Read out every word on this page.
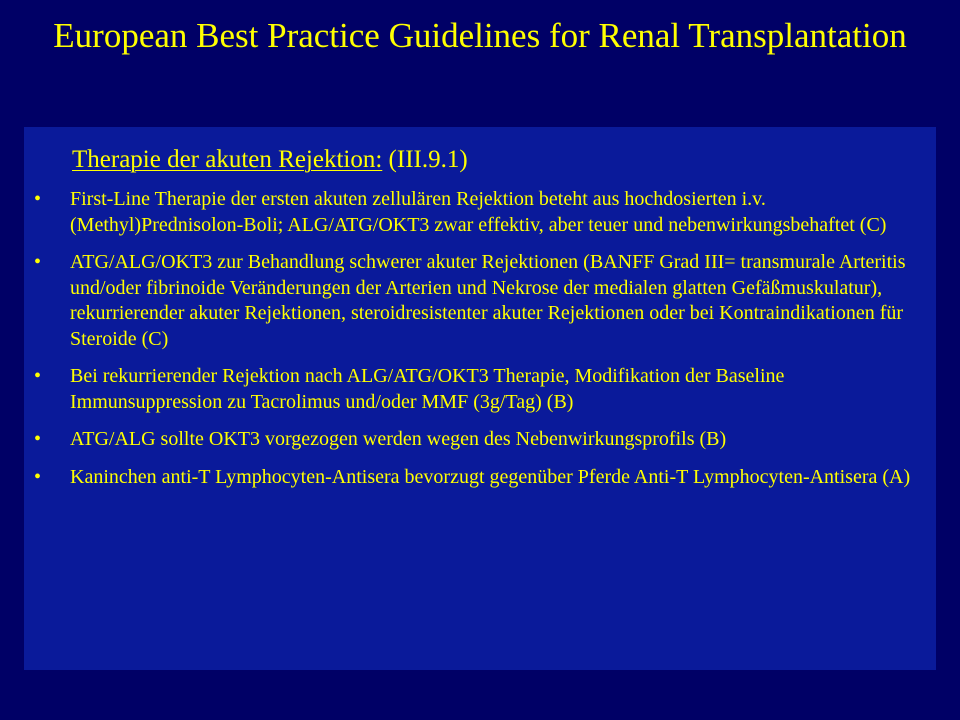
European Best Practice Guidelines for Renal Transplantation
Therapie der akuten Rejektion: (III.9.1)
• First-Line Therapie der ersten akuten zellulären Rejektion beteht aus hochdosierten i.v. (Methyl)Prednisolon-Boli; ALG/ATG/OKT3 zwar effektiv, aber teuer und nebenwirkungsbehaftet (C)
• ATG/ALG/OKT3 zur Behandlung schwerer akuter Rejektionen (BANFF Grad III= transmurale Arteritis und/oder fibrinoide Veränderungen der Arterien und Nekrose der medialen glatten Gefäßmuskulatur), rekurrierender akuter Rejektionen, steroidresistenter akuter Rejektionen oder bei Kontraindikationen für Steroide (C)
• Bei rekurrierender Rejektion nach ALG/ATG/OKT3 Therapie, Modifikation der Baseline Immunsuppression zu Tacrolimus und/oder MMF (3g/Tag) (B)
• ATG/ALG sollte OKT3 vorgezogen werden wegen des Nebenwirkungsprofils (B)
• Kaninchen anti-T Lymphocyten-Antisera bevorzugt gegenüber Pferde Anti-T Lymphocyten-Antisera (A)
